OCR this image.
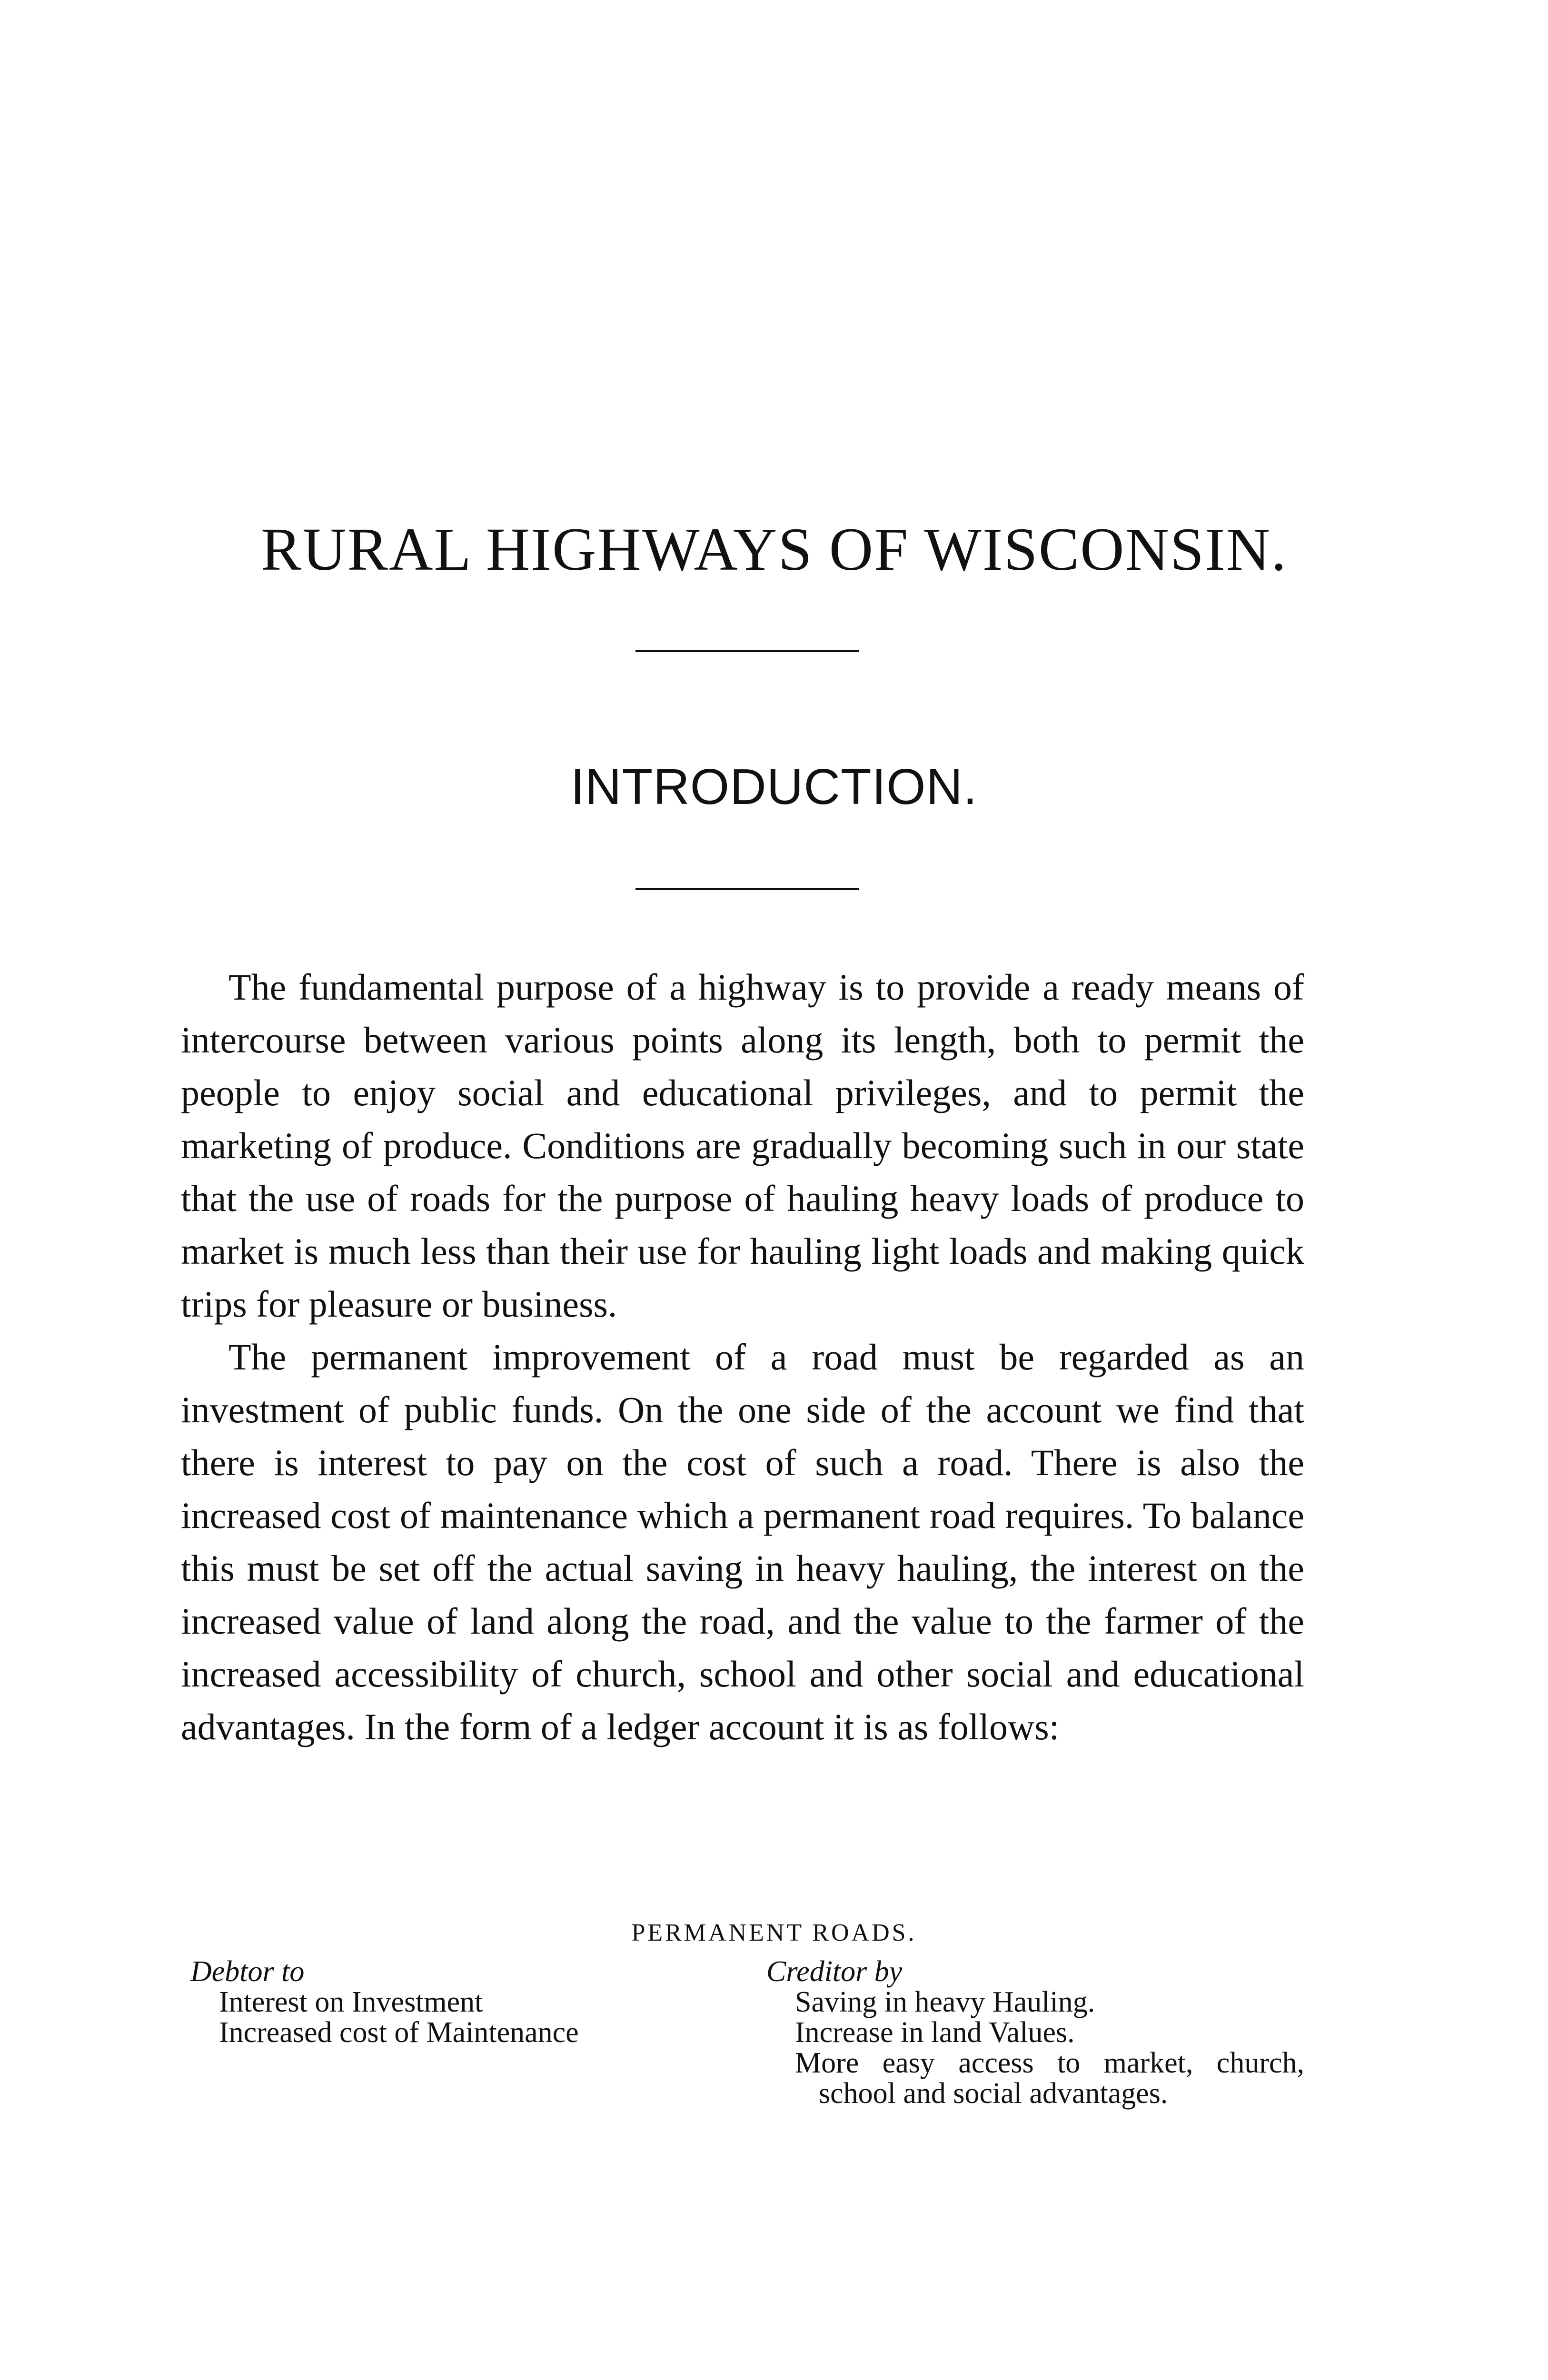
RURAL HIGHWAYS OF WISCONSIN.
INTRODUCTION.

The fundamental purpose of a highway is to provide a ready means of intercourse between various points along its length, both to permit the people to enjoy social and educational privileges, and to permit the marketing of produce. Conditions are gradually becoming such in our state that the use of roads for the purpose of hauling heavy loads of produce to market is much less than their use for hauling light loads and making quick trips for pleasure or business.

The permanent improvement of a road must be regarded as an investment of public funds. On the one side of the account we find that there is interest to pay on the cost of such a road. There is also the increased cost of maintenance which a permanent road requires. To balance this must be set off the actual saving in heavy hauling, the interest on the increased value of land along the road, and the value to the farmer of the increased accessibility of church, school and other social and educational advantages. In the form of a ledger account it is as follows:

PERMANENT ROADS.
Debtor to
Interest on Investment
Increased cost of Maintenance
Creditor by
Saving in heavy Hauling.
Increase in land Values.
More easy access to market, church, school and social advantages.
